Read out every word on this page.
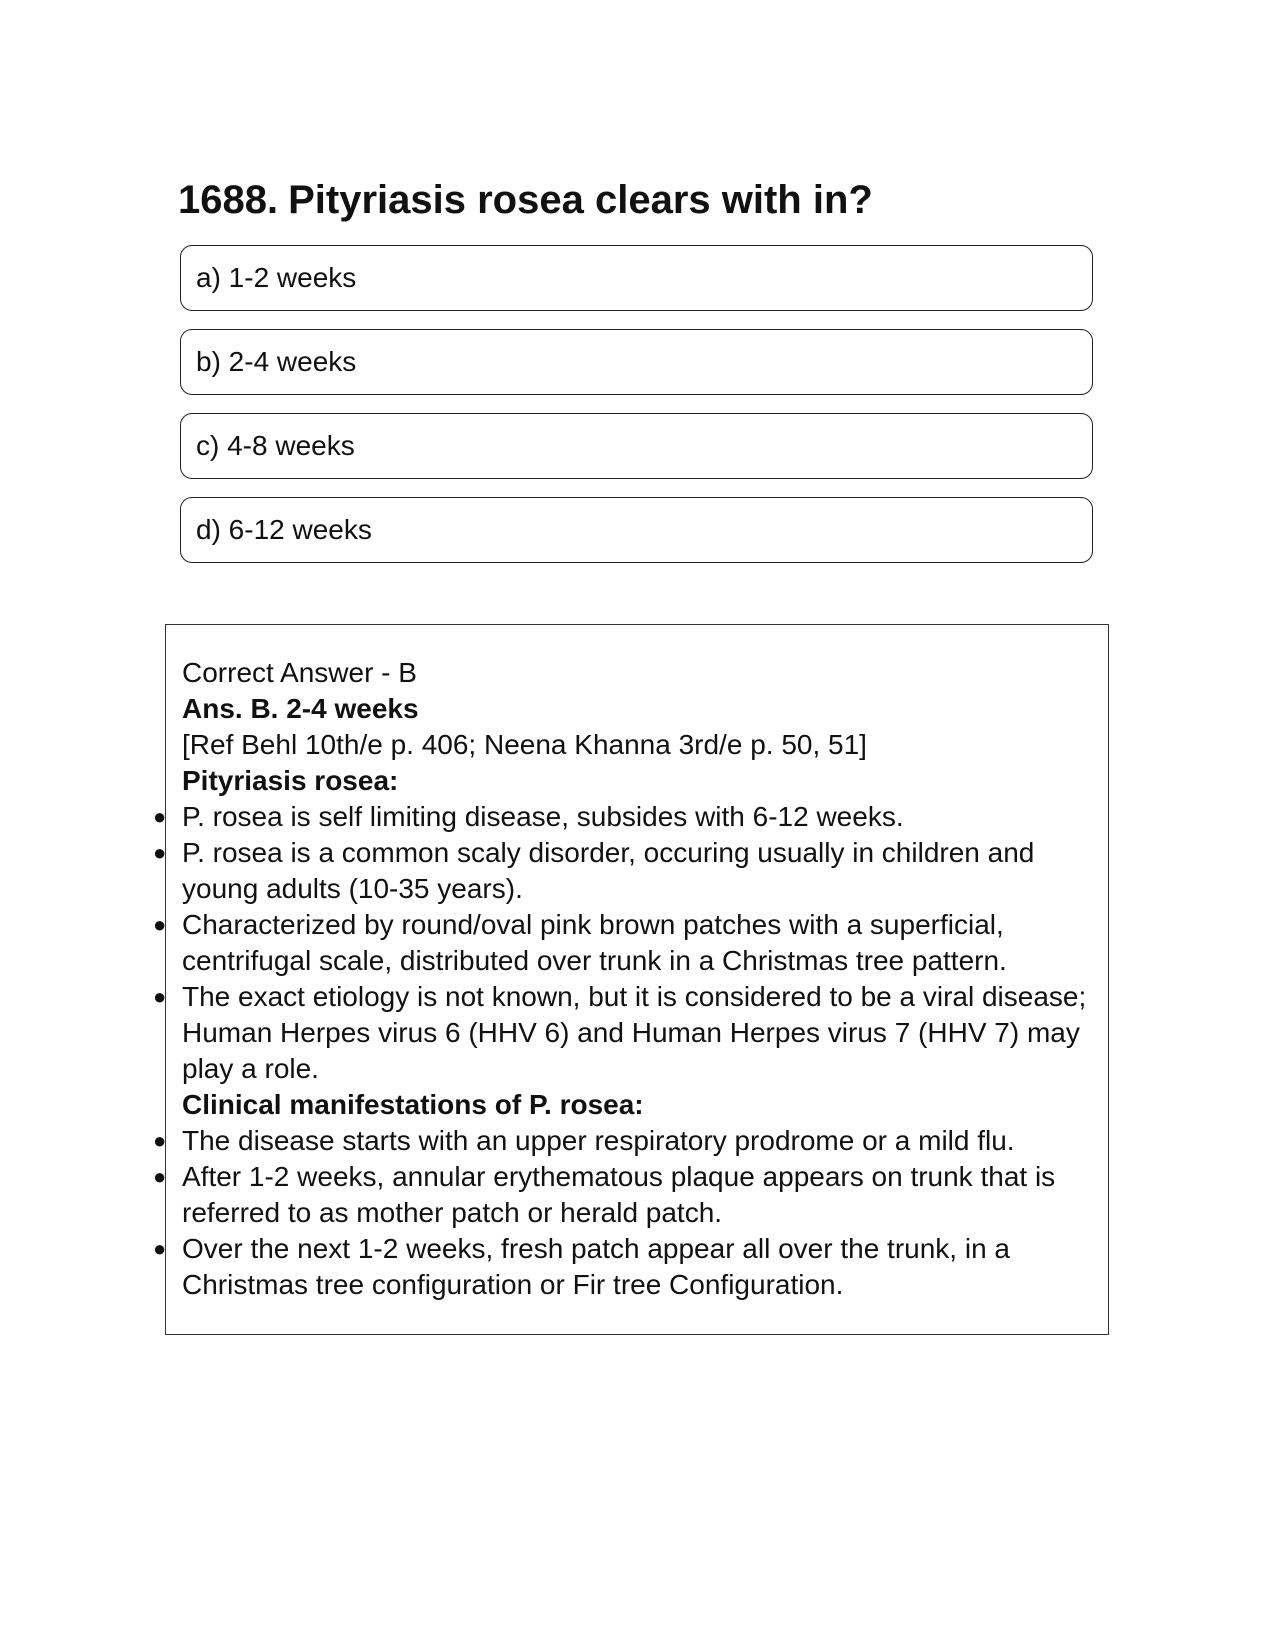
1688. Pityriasis rosea clears with in?
a) 1-2 weeks
b) 2-4 weeks
c) 4-8 weeks
d) 6-12 weeks

Correct Answer - B

Ans. B. 2-4 weeks

[Ref Behl 10th/e p. 406; Neena Khanna 3rd/e p. 50, 51]

Pityriasis rosea:

● P. rosea is self limiting disease, subsides with 6-12 weeks.
● P. rosea is a common scaly disorder, occuring usually in children and young adults (10-35 years).
● Characterized by round/oval pink brown patches with a superficial, centrifugal scale, distributed over trunk in a Christmas tree pattern.
● The exact etiology is not known, but it is considered to be a viral disease; Human Herpes virus 6 (HHV 6) and Human Herpes virus 7 (HHV 7) may play a role.

Clinical manifestations of P. rosea:

● The disease starts with an upper respiratory prodrome or a mild flu.
● After 1-2 weeks, annular erythematous plaque appears on trunk that is referred to as mother patch or herald patch.
● Over the next 1-2 weeks, fresh patch appear all over the trunk, in a Christmas tree configuration or Fir tree Configuration.
